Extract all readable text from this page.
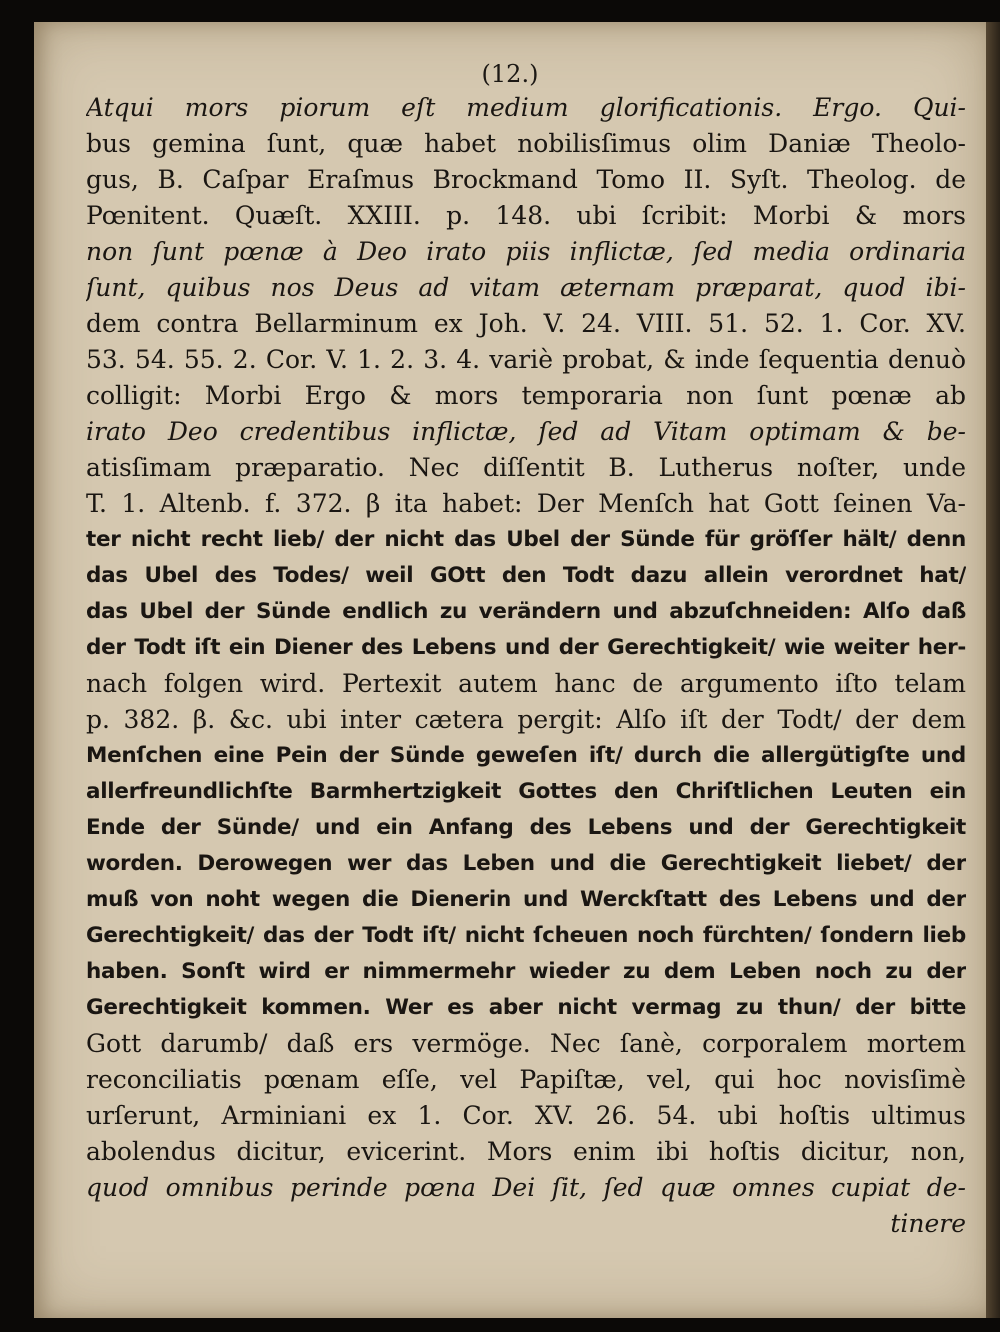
(12.)
Atqui mors piorum eſt medium glorificationis. Ergo. Qui-
bus gemina ſunt, quæ habet nobilisſimus olim Daniæ Theolo-
gus, B. Caſpar Eraſmus Brockmand Tomo II. Syſt. Theolog. de
Pœnitent. Quæſt. XXIII. p. 148. ubi ſcribit: Morbi & mors
non ſunt pœnæ à Deo irato piis inflictæ, ſed media ordinaria
ſunt, quibus nos Deus ad vitam æternam præparat, quod ibi-
dem contra Bellarminum ex Joh. V. 24. VIII. 51. 52. 1. Cor. XV.
53. 54. 55. 2. Cor. V. 1. 2. 3. 4. variè probat, & inde ſequentia denuò
colligit: Morbi Ergo & mors temporaria non ſunt pœnæ ab
irato Deo credentibus inflictæ, ſed ad Vitam optimam & be-
atisſimam præparatio. Nec diſſentit B. Lutherus noſter, unde
T. 1. Altenb. f. 372. β ita habet: Der Menſch hat Gott ſeinen Va-
ter nicht recht lieb/ der nicht das Ubel der Sünde für gröſſer hält/ denn
das Ubel des Todes/ weil GOtt den Todt dazu allein verordnet hat/
das Ubel der Sünde endlich zu verändern und abzuſchneiden: Alſo daß
der Todt iſt ein Diener des Lebens und der Gerechtigkeit/ wie weiter her-
nach folgen wird. Pertexit autem hanc de argumento iſto telam
p. 382. β. &c. ubi inter cætera pergit: Alſo iſt der Todt/ der dem
Menſchen eine Pein der Sünde geweſen iſt/ durch die allergütigſte und
allerfreundlichſte Barmhertzigkeit Gottes den Chriſtlichen Leuten ein
Ende der Sünde/ und ein Anfang des Lebens und der Gerechtigkeit
worden. Derowegen wer das Leben und die Gerechtigkeit liebet/ der
muß von noht wegen die Dienerin und Werckſtatt des Lebens und der
Gerechtigkeit/ das der Todt iſt/ nicht ſcheuen noch fürchten/ ſondern lieb
haben. Sonſt wird er nimmermehr wieder zu dem Leben noch zu der
Gerechtigkeit kommen. Wer es aber nicht vermag zu thun/ der bitte
Gott darumb/ daß ers vermöge. Nec ſanè, corporalem mortem
reconciliatis pœnam eſſe, vel Papiſtæ, vel, qui hoc novisſimè
urſerunt, Arminiani ex 1. Cor. XV. 26. 54. ubi hoſtis ultimus
abolendus dicitur, evicerint. Mors enim ibi hoſtis dicitur, non,
quod omnibus perinde pœna Dei ſit, ſed quæ omnes cupiat de-
tinere
